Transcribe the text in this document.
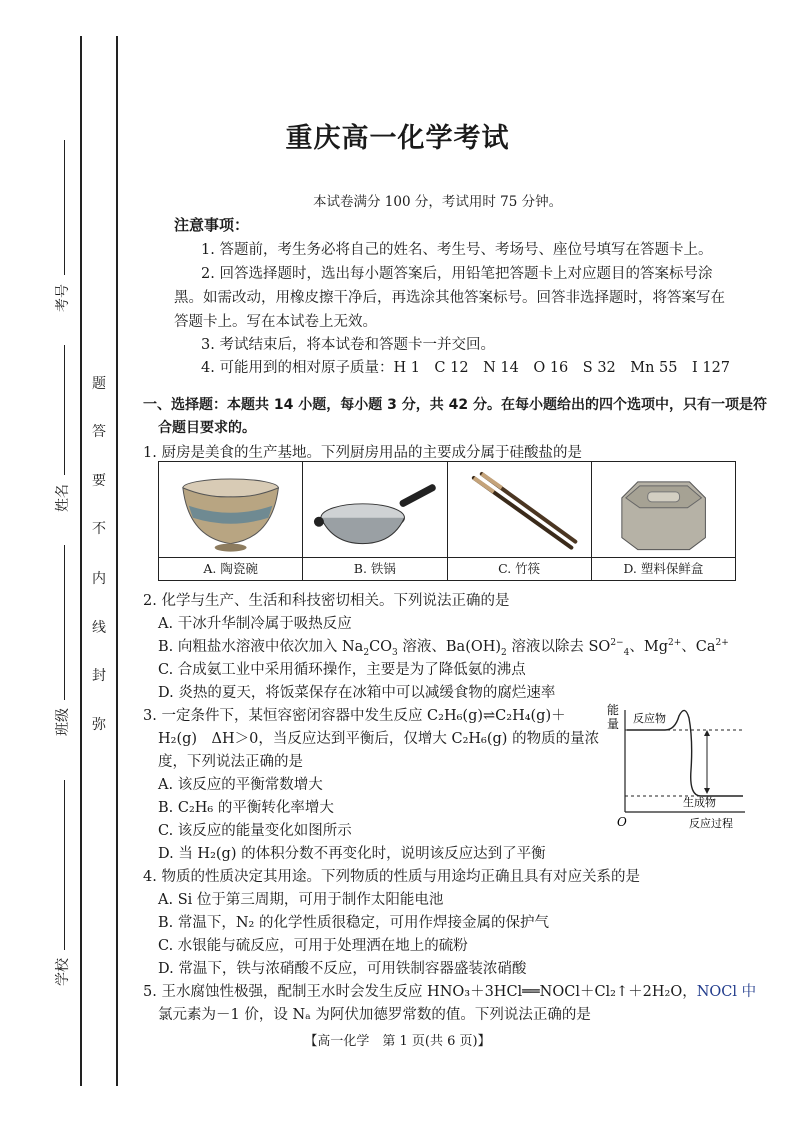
考号
姓名
班级
学校
题
答
要
不
内
线
封
弥
重庆高一化学考试
本试卷满分 100 分，考试用时 75 分钟。
注意事项：
1. 答题前，考生务必将自己的姓名、考生号、考场号、座位号填写在答题卡上。
2. 回答选择题时，选出每小题答案后，用铅笔把答题卡上对应题目的答案标号涂
黑。如需改动，用橡皮擦干净后，再选涂其他答案标号。回答非选择题时，将答案写在
答题卡上。写在本试卷上无效。
3. 考试结束后，将本试卷和答题卡一并交回。
4. 可能用到的相对原子质量：H 1　C 12　N 14　O 16　S 32　Mn 55　I 127
一、选择题：本题共 14 小题，每小题 3 分，共 42 分。在每小题给出的四个选项中，只有一项是符
合题目要求的。
1. 厨房是美食的生产基地。下列厨房用品的主要成分属于硅酸盐的是
A. 陶瓷碗	B. 铁锅	C. 竹筷	D. 塑料保鲜盒
2. 化学与生产、生活和科技密切相关。下列说法正确的是
A. 干冰升华制冷属于吸热反应
B. 向粗盐水溶液中依次加入 $Na_2CO_3$ 溶液、$Ba(OH)_2$ 溶液以除去 $SO^{2-}_4$、$Mg^{2+}$、$Ca^{2+}$
C. 合成氨工业中采用循环操作，主要是为了降低氨的沸点
D. 炎热的夏天，将饭菜保存在冰箱中可以减缓食物的腐烂速率
3. 一定条件下，某恒容密闭容器中发生反应 C₂H₆(g)⇌C₂H₄(g)＋
H₂(g)　ΔH＞0，当反应达到平衡后，仅增大 C₂H₆(g) 的物质的量浓
度，下列说法正确的是
A. 该反应的平衡常数增大
B. C₂H₆ 的平衡转化率增大
C. 该反应的能量变化如图所示
D. 当 H₂(g) 的体积分数不再变化时，说明该反应达到了平衡
能
量 反应物
生成物
O	反应过程
4. 物质的性质决定其用途。下列物质的性质与用途均正确且具有对应关系的是
A. Si 位于第三周期，可用于制作太阳能电池
B. 常温下，N₂ 的化学性质很稳定，可用作焊接金属的保护气
C. 水银能与硫反应，可用于处理洒在地上的硫粉
D. 常温下，铁与浓硝酸不反应，可用铁制容器盛装浓硝酸
5. 王水腐蚀性极强，配制王水时会发生反应 HNO₃＋3HCl══NOCl＋Cl₂↑＋2H₂O，NOCl 中
氯元素为－1 价，设 Nₐ 为阿伏加德罗常数的值。下列说法正确的是
【高一化学　第 1 页(共 6 页)】
